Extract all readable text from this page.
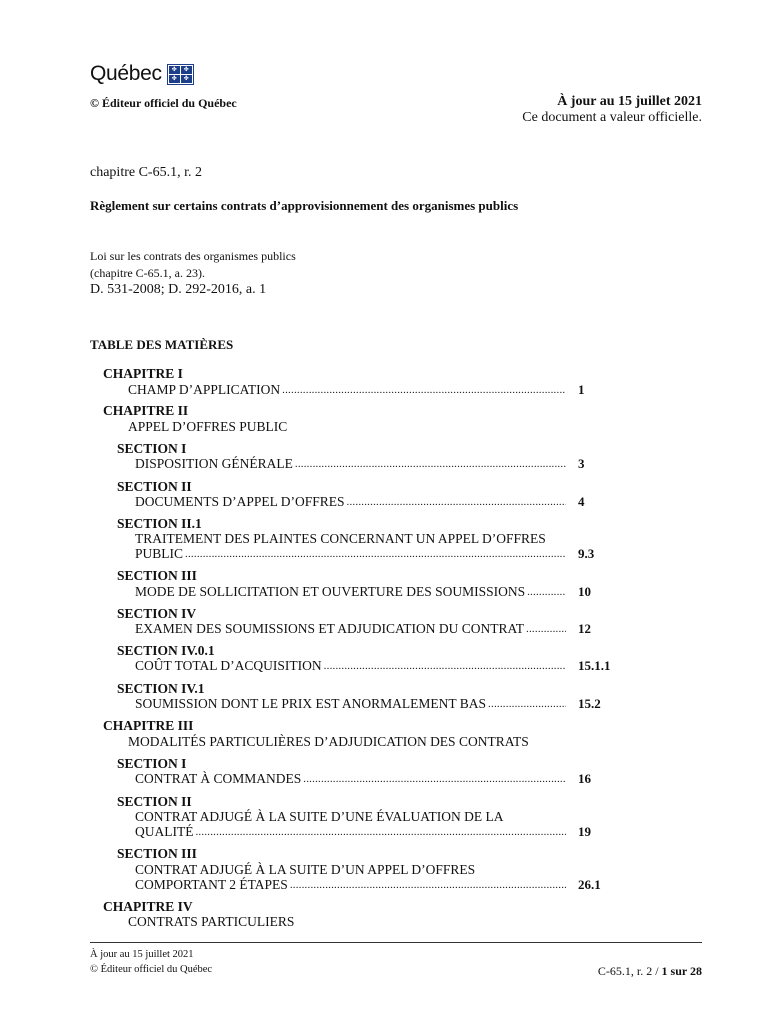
Québec	✤	✤
✤	✤
© Éditeur officiel du Québec	À jour au 15 juillet 2021
Ce document a valeur officielle.
chapitre C-65.1, r. 2
Règlement sur certains contrats d’approvisionnement des organismes publics
Loi sur les contrats des organismes publics
(chapitre C-65.1, a. 23).
D. 531-2008; D. 292-2016, a. 1
TABLE DES MATIÈRES
CHAPITRE I
CHAMP D’APPLICATION .....	1
CHAPITRE II
APPEL D’OFFRES PUBLIC
SECTION I
DISPOSITION GÉNÉRALE .....	3
SECTION II
DOCUMENTS D’APPEL D’OFFRES .....	4
SECTION II.1
TRAITEMENT DES PLAINTES CONCERNANT UN APPEL D’OFFRES
PUBLIC .....	9.3
SECTION III
MODE DE SOLLICITATION ET OUVERTURE DES SOUMISSIONS .....	10
SECTION IV
EXAMEN DES SOUMISSIONS ET ADJUDICATION DU CONTRAT .....	12
SECTION IV.0.1
COÛT TOTAL D’ACQUISITION .....	15.1.1
SECTION IV.1
SOUMISSION DONT LE PRIX EST ANORMALEMENT BAS .....	15.2
CHAPITRE III
MODALITÉS PARTICULIÈRES D’ADJUDICATION DES CONTRATS
SECTION I
CONTRAT À COMMANDES .....	16
SECTION II
CONTRAT ADJUGÉ À LA SUITE D’UNE ÉVALUATION DE LA
QUALITÉ .....	19
SECTION III
CONTRAT ADJUGÉ À LA SUITE D’UN APPEL D’OFFRES
COMPORTANT 2 ÉTAPES .....	26.1
CHAPITRE IV
CONTRATS PARTICULIERS
À jour au 15 juillet 2021
© Éditeur officiel du Québec	C-65.1, r. 2 / 1 sur 28
